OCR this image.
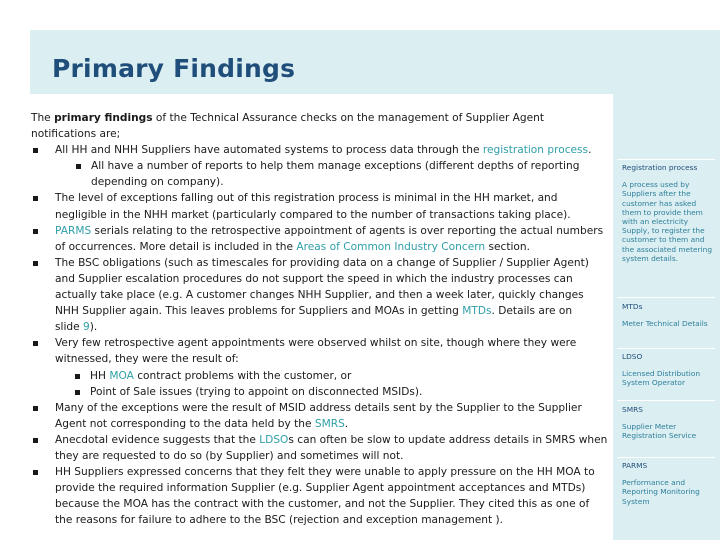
Primary Findings

The primary findings of the Technical Assurance checks on the management of Supplier Agent
notifications are;

All HH and NHH Suppliers have automated systems to process data through the registration process.

All have a number of reports to help them manage exceptions (different depths of reporting
depending on company).

The level of exceptions falling out of this registration process is minimal in the HH market, and
negligible in the NHH market (particularly compared to the number of transactions taking place).

PARMS serials relating to the retrospective appointment of agents is over reporting the actual numbers
of occurrences. More detail is included in the Areas of Common Industry Concern section.

The BSC obligations (such as timescales for providing data on a change of Supplier / Supplier Agent)
and Supplier escalation procedures do not support the speed in which the industry processes can
actually take place (e.g. A customer changes NHH Supplier, and then a week later, quickly changes
NHH Supplier again. This leaves problems for Suppliers and MOAs in getting MTDs. Details are on
slide 9).

Very few retrospective agent appointments were observed whilst on site, though where they were
witnessed, they were the result of:

HH MOA contract problems with the customer, or

Point of Sale issues (trying to appoint on disconnected MSIDs).

Many of the exceptions were the result of MSID address details sent by the Supplier to the Supplier
Agent not corresponding to the data held by the SMRS.

Anecdotal evidence suggests that the LDSOs can often be slow to update address details in SMRS when
they are requested to do so (by Supplier) and sometimes will not.

HH Suppliers expressed concerns that they felt they were unable to apply pressure on the HH MOA to
provide the required information Supplier (e.g. Supplier Agent appointment acceptances and MTDs)
because the MOA has the contract with the customer, and not the Supplier. They cited this as one of
the reasons for failure to adhere to the BSC (rejection and exception management ).

Registration process
A process used by Suppliers after the customer has asked them to provide them with an electricity Supply, to register the customer to them and the associated metering system details.
MTDs
Meter Technical Details
LDSO
Licensed Distribution System Operator
SMRS
Supplier Meter Registration Service
PARMS
Performance and Reporting Monitoring System
